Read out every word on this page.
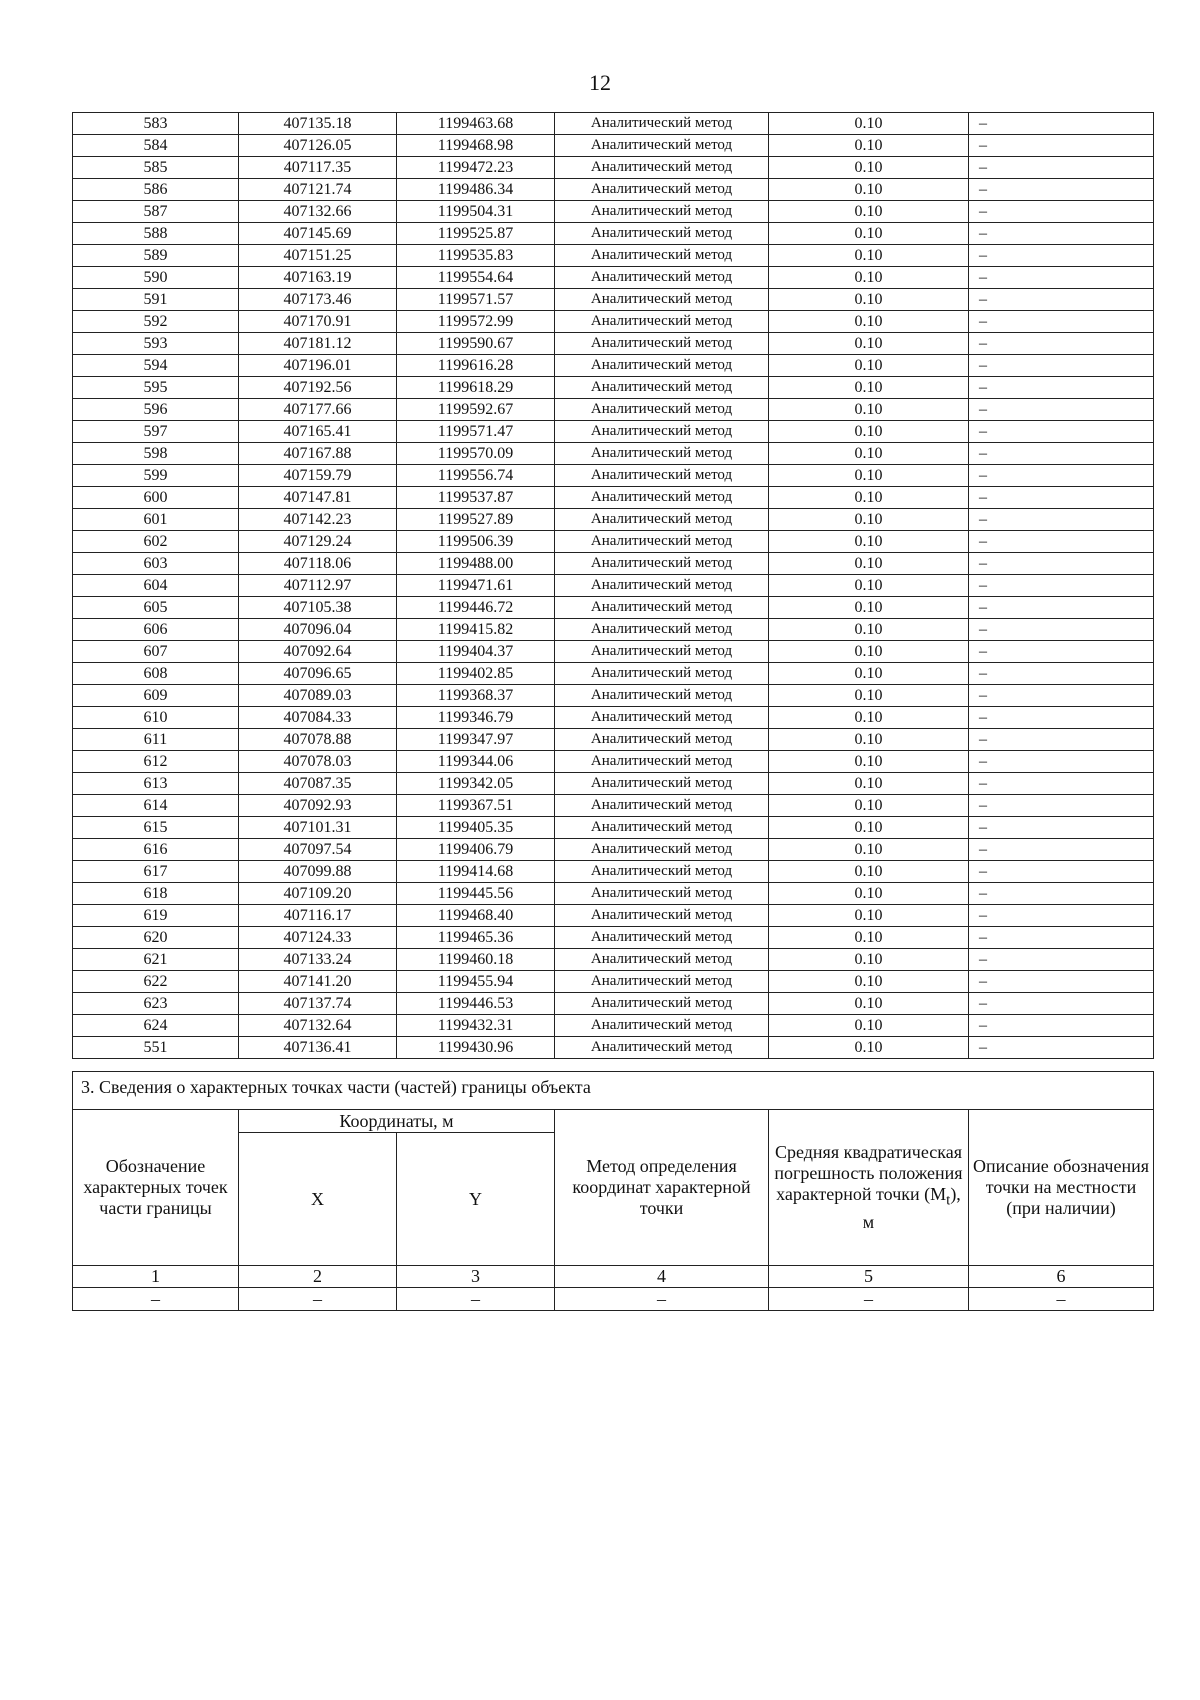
12
583	407135.18	1199463.68	Аналитический метод	0.10	–
584	407126.05	1199468.98	Аналитический метод	0.10	–
585	407117.35	1199472.23	Аналитический метод	0.10	–
586	407121.74	1199486.34	Аналитический метод	0.10	–
587	407132.66	1199504.31	Аналитический метод	0.10	–
588	407145.69	1199525.87	Аналитический метод	0.10	–
589	407151.25	1199535.83	Аналитический метод	0.10	–
590	407163.19	1199554.64	Аналитический метод	0.10	–
591	407173.46	1199571.57	Аналитический метод	0.10	–
592	407170.91	1199572.99	Аналитический метод	0.10	–
593	407181.12	1199590.67	Аналитический метод	0.10	–
594	407196.01	1199616.28	Аналитический метод	0.10	–
595	407192.56	1199618.29	Аналитический метод	0.10	–
596	407177.66	1199592.67	Аналитический метод	0.10	–
597	407165.41	1199571.47	Аналитический метод	0.10	–
598	407167.88	1199570.09	Аналитический метод	0.10	–
599	407159.79	1199556.74	Аналитический метод	0.10	–
600	407147.81	1199537.87	Аналитический метод	0.10	–
601	407142.23	1199527.89	Аналитический метод	0.10	–
602	407129.24	1199506.39	Аналитический метод	0.10	–
603	407118.06	1199488.00	Аналитический метод	0.10	–
604	407112.97	1199471.61	Аналитический метод	0.10	–
605	407105.38	1199446.72	Аналитический метод	0.10	–
606	407096.04	1199415.82	Аналитический метод	0.10	–
607	407092.64	1199404.37	Аналитический метод	0.10	–
608	407096.65	1199402.85	Аналитический метод	0.10	–
609	407089.03	1199368.37	Аналитический метод	0.10	–
610	407084.33	1199346.79	Аналитический метод	0.10	–
611	407078.88	1199347.97	Аналитический метод	0.10	–
612	407078.03	1199344.06	Аналитический метод	0.10	–
613	407087.35	1199342.05	Аналитический метод	0.10	–
614	407092.93	1199367.51	Аналитический метод	0.10	–
615	407101.31	1199405.35	Аналитический метод	0.10	–
616	407097.54	1199406.79	Аналитический метод	0.10	–
617	407099.88	1199414.68	Аналитический метод	0.10	–
618	407109.20	1199445.56	Аналитический метод	0.10	–
619	407116.17	1199468.40	Аналитический метод	0.10	–
620	407124.33	1199465.36	Аналитический метод	0.10	–
621	407133.24	1199460.18	Аналитический метод	0.10	–
622	407141.20	1199455.94	Аналитический метод	0.10	–
623	407137.74	1199446.53	Аналитический метод	0.10	–
624	407132.64	1199432.31	Аналитический метод	0.10	–
551	407136.41	1199430.96	Аналитический метод	0.10	–
3. Сведения о характерных точках части (частей) границы объекта					
Обозначение характерных точек части границы	Координаты, м		Метод определения координат характерной точки	Средняя квадратическая погрешность положения характерной точки $(M_t)$, м	Описание обозначения точки на местности (при наличии)
	X	Y			
1	2	3	4	5	6
–	–	–	–	–	–
